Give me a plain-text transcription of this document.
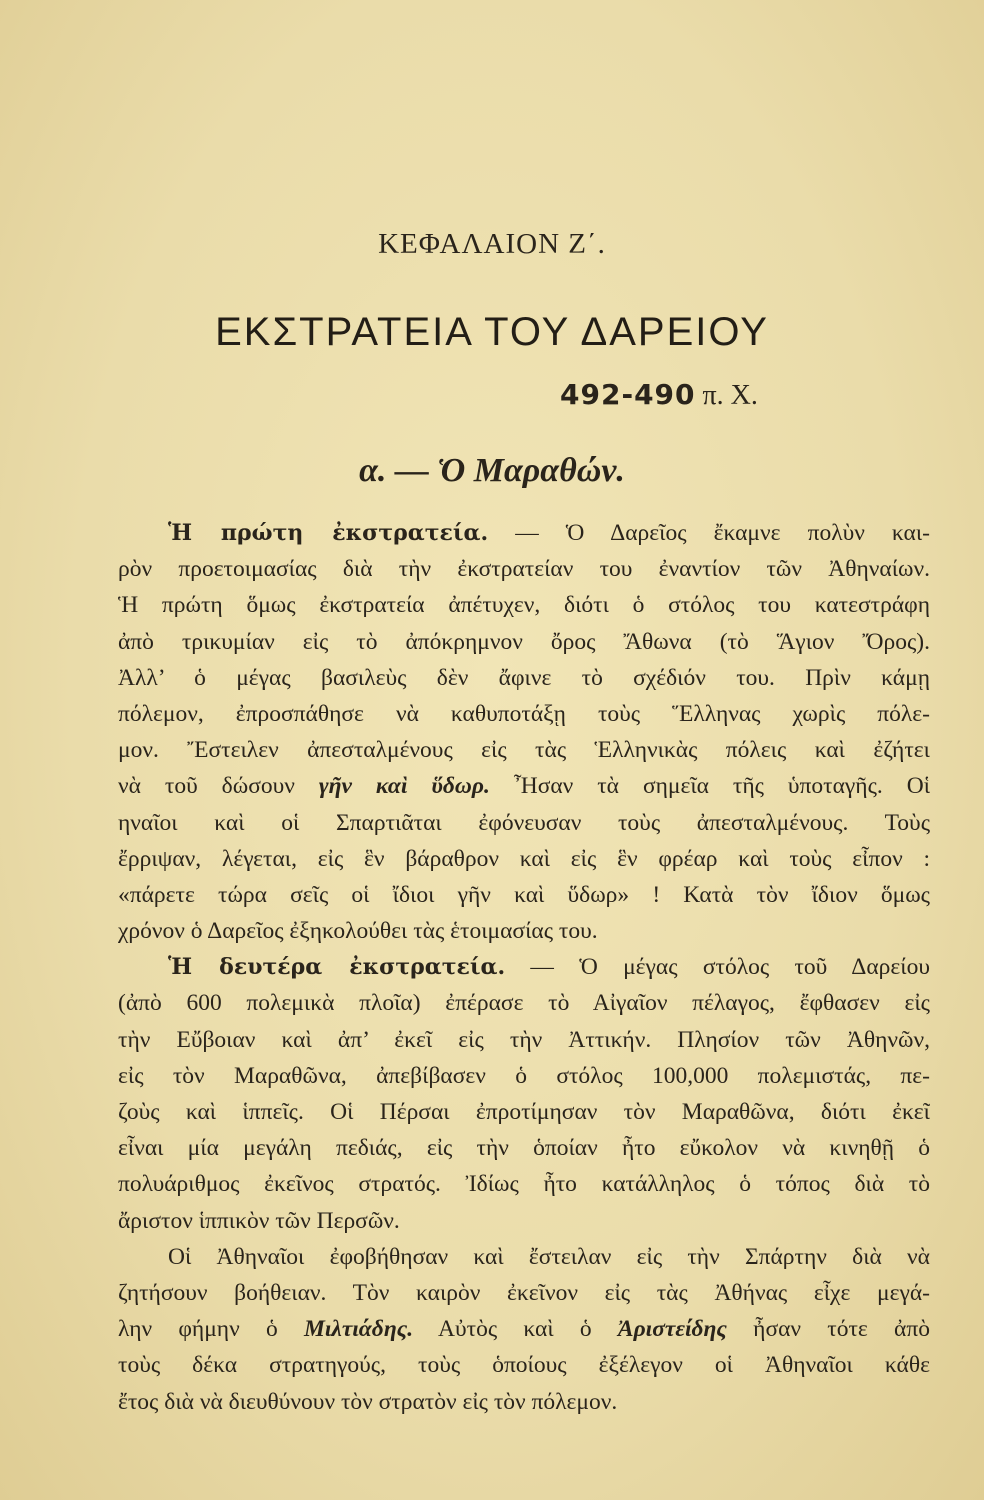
ΚΕΦΑΛΑΙΟΝ Ζ΄.
ΕΚΣΤΡΑΤΕΙΑ ΤΟΥ ΔΑΡΕΙΟΥ
492-490 π. Χ.
α. — Ὁ Μαραθών.
Ἡ πρώτη ἐκστρατεία. — Ὁ Δαρεῖος ἔκαμνε πολὺν και-
ρὸν προετοιμασίας διὰ τὴν ἐκστρατείαν του ἐναντίον τῶν Ἀθηναίων.
Ἡ πρώτη ὅμως ἐκστρατεία ἀπέτυχεν, διότι ὁ στόλος του κατεστράφη
ἀπὸ τρικυμίαν εἰς τὸ ἀπόκρημνον ὄρος Ἄθωνα (τὸ Ἅγιον Ὄρος).
Ἀλλ’ ὁ μέγας βασιλεὺς δὲν ἄφινε τὸ σχέδιόν του. Πρὶν κάμῃ
πόλεμον, ἐπροσπάθησε νὰ καθυποτάξῃ τοὺς Ἕλληνας χωρὶς πόλε-
μον. Ἔστειλεν ἀπεσταλμένους εἰς τὰς Ἑλληνικὰς πόλεις καὶ ἐζήτει
νὰ τοῦ δώσουν γῆν καὶ ὕδωρ. Ἦσαν τὰ σημεῖα τῆς ὑποταγῆς. Οἱ
ηναῖοι καὶ οἱ Σπαρτιᾶται ἐφόνευσαν τοὺς ἀπεσταλμένους. Τοὺς
ἔρριψαν, λέγεται, εἰς ἓν βάραθρον καὶ εἰς ἓν φρέαρ καὶ τοὺς εἶπον :
«πάρετε τώρα σεῖς οἱ ἴδιοι γῆν καὶ ὕδωρ» ! Κατὰ τὸν ἴδιον ὅμως
χρόνον ὁ Δαρεῖος ἐξηκολούθει τὰς ἑτοιμασίας του.
Ἡ δευτέρα ἐκστρατεία. — Ὁ μέγας στόλος τοῦ Δαρείου
(ἀπὸ 600 πολεμικὰ πλοῖα) ἐπέρασε τὸ Αἰγαῖον πέλαγος, ἔφθασεν εἰς
τὴν Εὔβοιαν καὶ ἀπ’ ἐκεῖ εἰς τὴν Ἀττικήν. Πλησίον τῶν Ἀθηνῶν,
εἰς τὸν Μαραθῶνα, ἀπεβίβασεν ὁ στόλος 100,000 πολεμιστάς, πε-
ζοὺς καὶ ἱππεῖς. Οἱ Πέρσαι ἐπροτίμησαν τὸν Μαραθῶνα, διότι ἐκεῖ
εἶναι μία μεγάλη πεδιάς, εἰς τὴν ὁποίαν ἦτο εὔκολον νὰ κινηθῇ ὁ
πολυάριθμος ἐκεῖνος στρατός. Ἰδίως ἦτο κατάλληλος ὁ τόπος διὰ τὸ
ἄριστον ἱππικὸν τῶν Περσῶν.
Οἱ Ἀθηναῖοι ἐφοβήθησαν καὶ ἔστειλαν εἰς τὴν Σπάρτην διὰ νὰ
ζητήσουν βοήθειαν. Τὸν καιρὸν ἐκεῖνον εἰς τὰς Ἀθήνας εἶχε μεγά-
λην φήμην ὁ Μιλτιάδης. Αὐτὸς καὶ ὁ Ἀριστείδης ἦσαν τότε ἀπὸ
τοὺς δέκα στρατηγούς, τοὺς ὁποίους ἐξέλεγον οἱ Ἀθηναῖοι κάθε
ἔτος διὰ νὰ διευθύνουν τὸν στρατὸν εἰς τὸν πόλεμον.
